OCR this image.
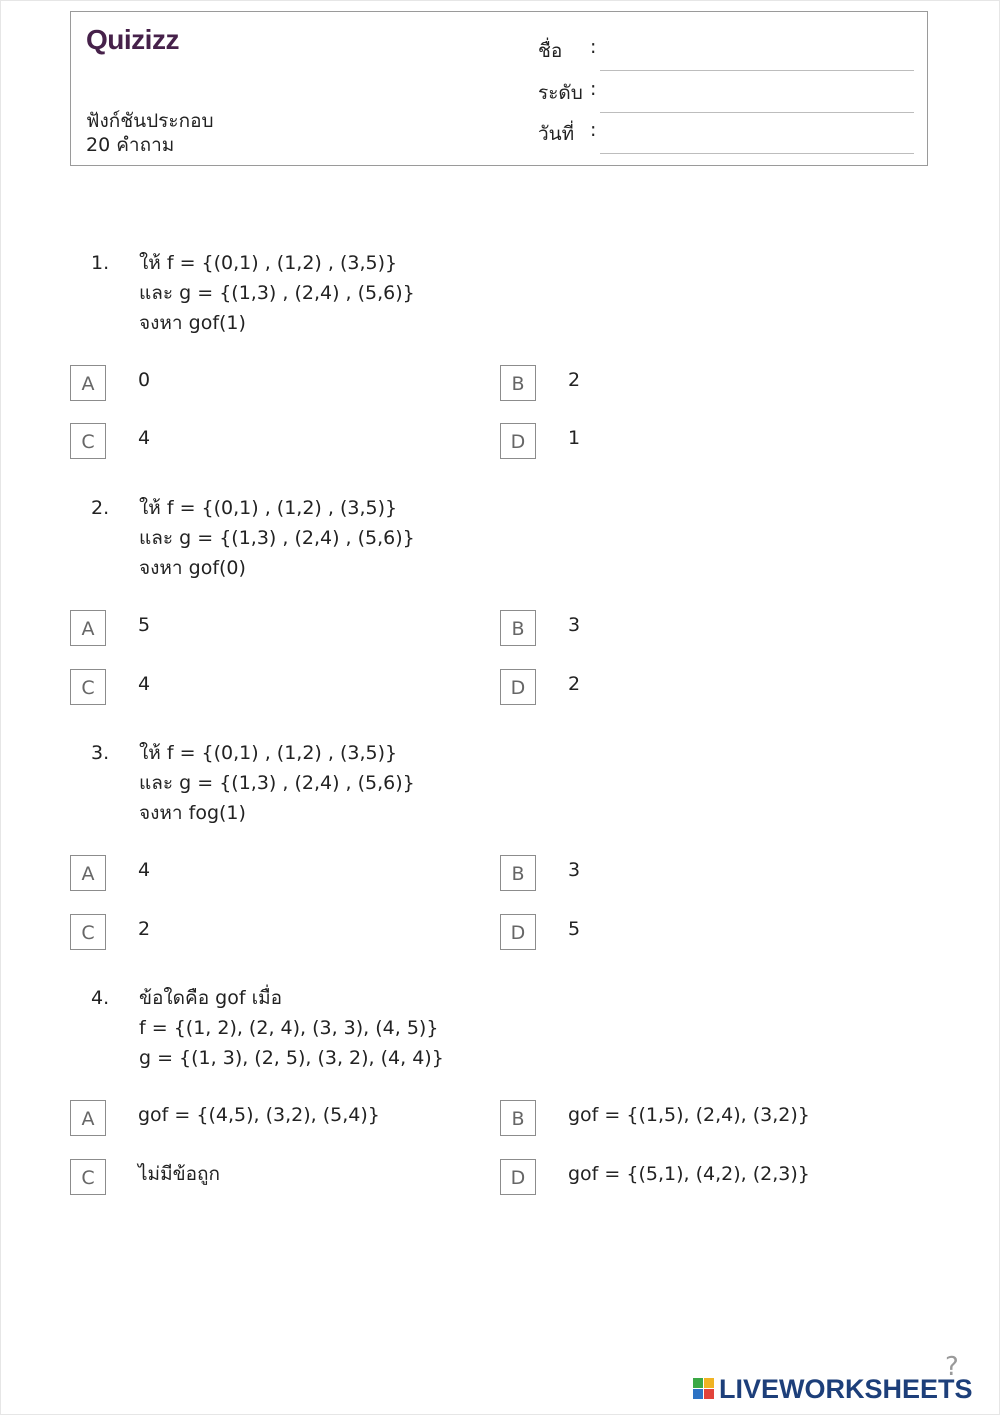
Quizizz
ฟังก์ชันประกอบ
20 คำถาม
ชื่อ :
ระดับ :
วันที่ :
1. ให้ f = {(0,1) , (1,2) , (3,5)}
และ g = {(1,3) , (2,4) , (5,6)}
จงหา gof(1)
A	0	B	2
C	4	D	1
2. ให้ f = {(0,1) , (1,2) , (3,5)}
และ g = {(1,3) , (2,4) , (5,6)}
จงหา gof(0)
A	5	B	3
C	4	D	2
3. ให้ f = {(0,1) , (1,2) , (3,5)}
และ g = {(1,3) , (2,4) , (5,6)}
จงหา fog(1)
A	4	B	3
C	2	D	5
4. ข้อใดคือ gof เมื่อ
f = {(1, 2), (2, 4), (3, 3), (4, 5)}
g = {(1, 3), (2, 5), (3, 2), (4, 4)}
A	gof = {(4,5), (3,2), (5,4)}	B	gof = {(1,5), (2,4), (3,2)}
C	ไม่มีข้อถูก	D	gof = {(5,1), (4,2), (2,3)}
?
LIVEWORKSHEETS
